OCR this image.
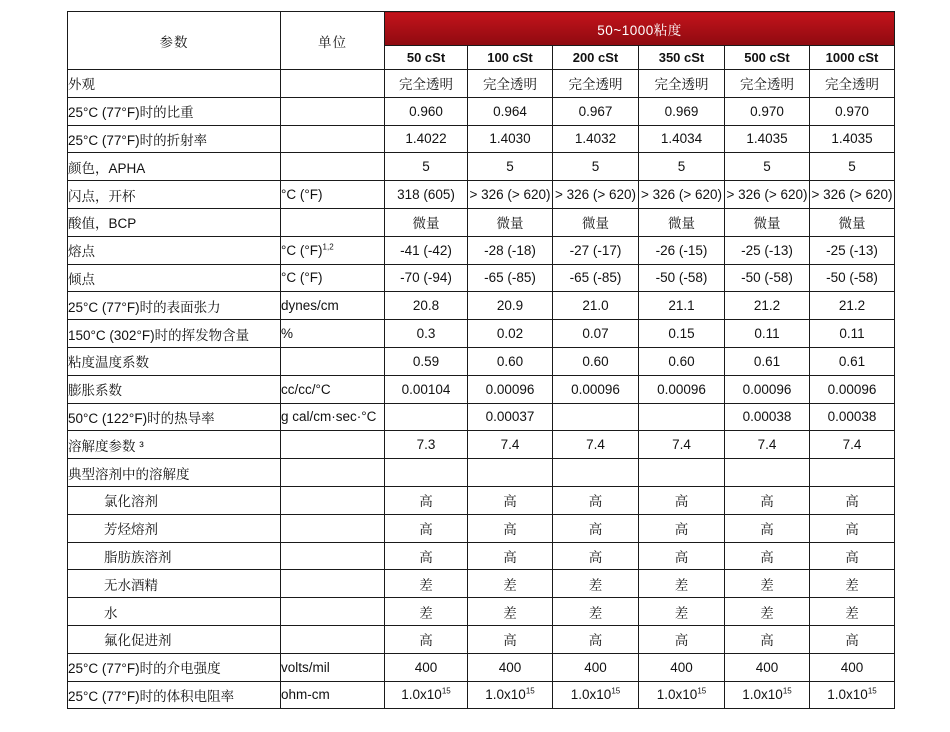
参数	单位	50~1000粘度					
		50 cSt	100 cSt	200 cSt	350 cSt	500 cSt	1000 cSt
外观		完全透明	完全透明	完全透明	完全透明	完全透明	完全透明
25°C (77°F)时的比重		0.960	0.964	0.967	0.969	0.970	0.970
25°C (77°F)时的折射率		1.4022	1.4030	1.4032	1.4034	1.4035	1.4035
颜色，APHA		5	5	5	5	5	5
闪点，开杯	°C (°F)	318 (605)	> 326 (> 620)	> 326 (> 620)	> 326 (> 620)	> 326 (> 620)	> 326 (> 620)
酸值，BCP		微量	微量	微量	微量	微量	微量
熔点	°C $(^\circ F)^{1,2}$	-41 (-42)	-28 (-18)	-27 (-17)	-26 (-15)	-25 (-13)	-25 (-13)
倾点	°C (°F)	-70 (-94)	-65 (-85)	-65 (-85)	-50 (-58)	-50 (-58)	-50 (-58)
25°C (77°F)时的表面张力	dynes/cm	20.8	20.9	21.0	21.1	21.2	21.2
150°C (302°F)时的挥发物含量	%	0.3	0.02	0.07	0.15	0.11	0.11
粘度温度系数		0.59	0.60	0.60	0.60	0.61	0.61
膨胀系数	cc/cc/°C	0.00104	0.00096	0.00096	0.00096	0.00096	0.00096
50°C (122°F)时的热导率	g cal/cm·sec·°C		0.00037			0.00038	0.00038
溶解度参数 ³		7.3	7.4	7.4	7.4	7.4	7.4
典型溶剂中的溶解度							
氯化溶剂		高	高	高	高	高	高
芳烃熔剂		高	高	高	高	高	高
脂肪族溶剂		高	高	高	高	高	高
无水酒精		差	差	差	差	差	差
水		差	差	差	差	差	差
氟化促进剂		高	高	高	高	高	高
25°C (77°F)时的介电强度	volts/mil	400	400	400	400	400	400
25°C (77°F)时的体积电阻率	ohm-cm	$1.0x10^{15}$	$1.0x10^{15}$	$1.0x10^{15}$	$1.0x10^{15}$	$1.0x10^{15}$	$1.0x10^{15}$
